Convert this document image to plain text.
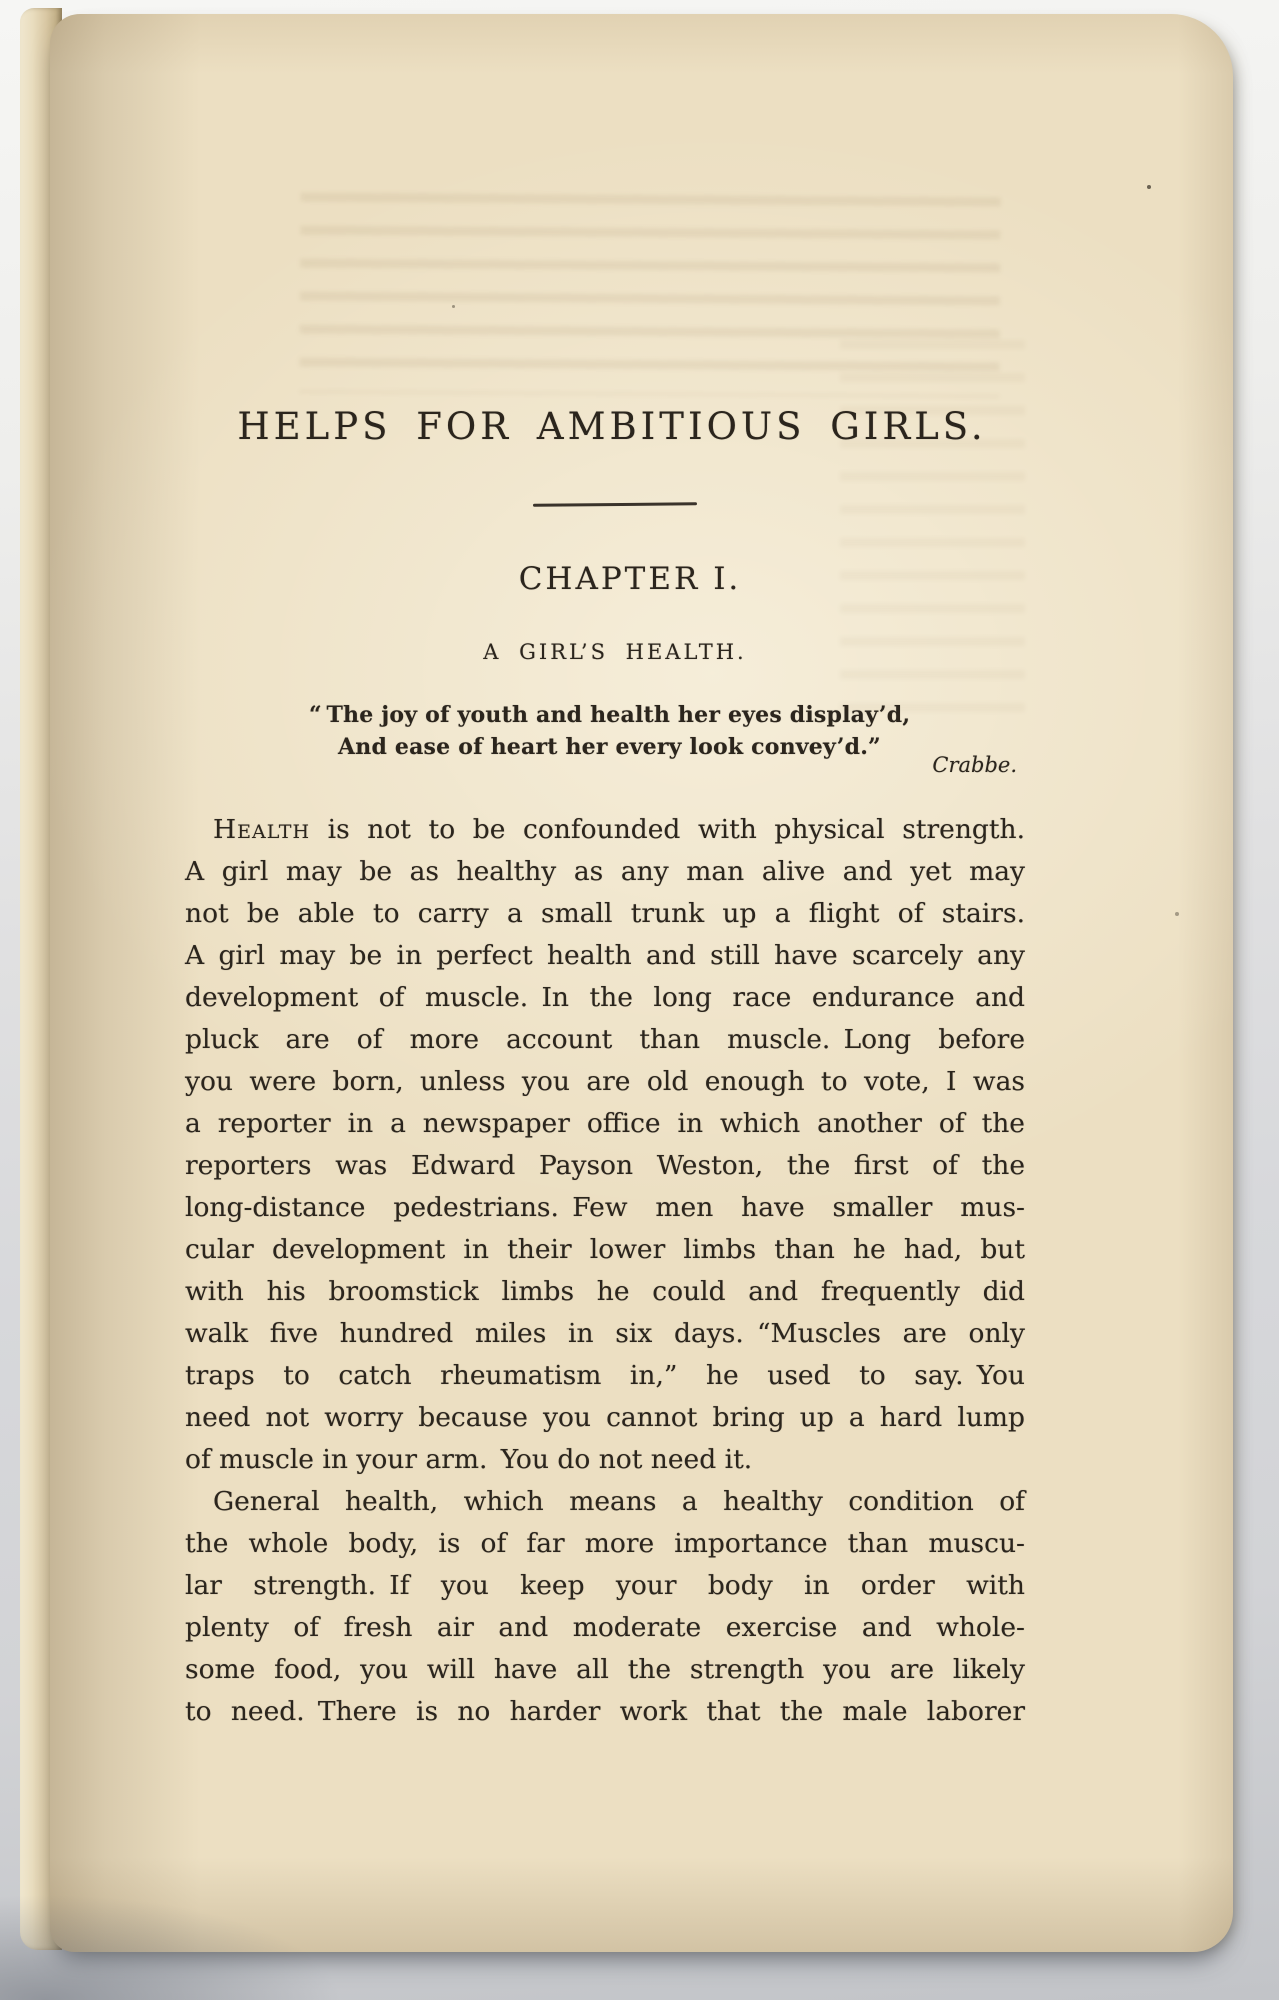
HELPS FOR AMBITIOUS GIRLS.
CHAPTER I.
A GIRL’S HEALTH.
“ The joy of youth and health her eyes display’d,
And ease of heart her every look convey’d.”
Crabbe.
Health is not to be confounded with physical strength.
A girl may be as healthy as any man alive and yet may
not be able to carry a small trunk up a flight of stairs.
A girl may be in perfect health and still have scarcely any
development of muscle. In the long race endurance and
pluck are of more account than muscle. Long before
you were born, unless you are old enough to vote, I was
a reporter in a newspaper office in which another of the
reporters was Edward Payson Weston, the first of the
long-distance pedestrians. Few men have smaller mus-
cular development in their lower limbs than he had, but
with his broomstick limbs he could and frequently did
walk five hundred miles in six days. “Muscles are only
traps to catch rheumatism in,” he used to say. You
need not worry because you cannot bring up a hard lump
of muscle in your arm. You do not need it.
General health, which means a healthy condition of
the whole body, is of far more importance than muscu-
lar strength. If you keep your body in order with
plenty of fresh air and moderate exercise and whole-
some food, you will have all the strength you are likely
to need. There is no harder work that the male laborer
